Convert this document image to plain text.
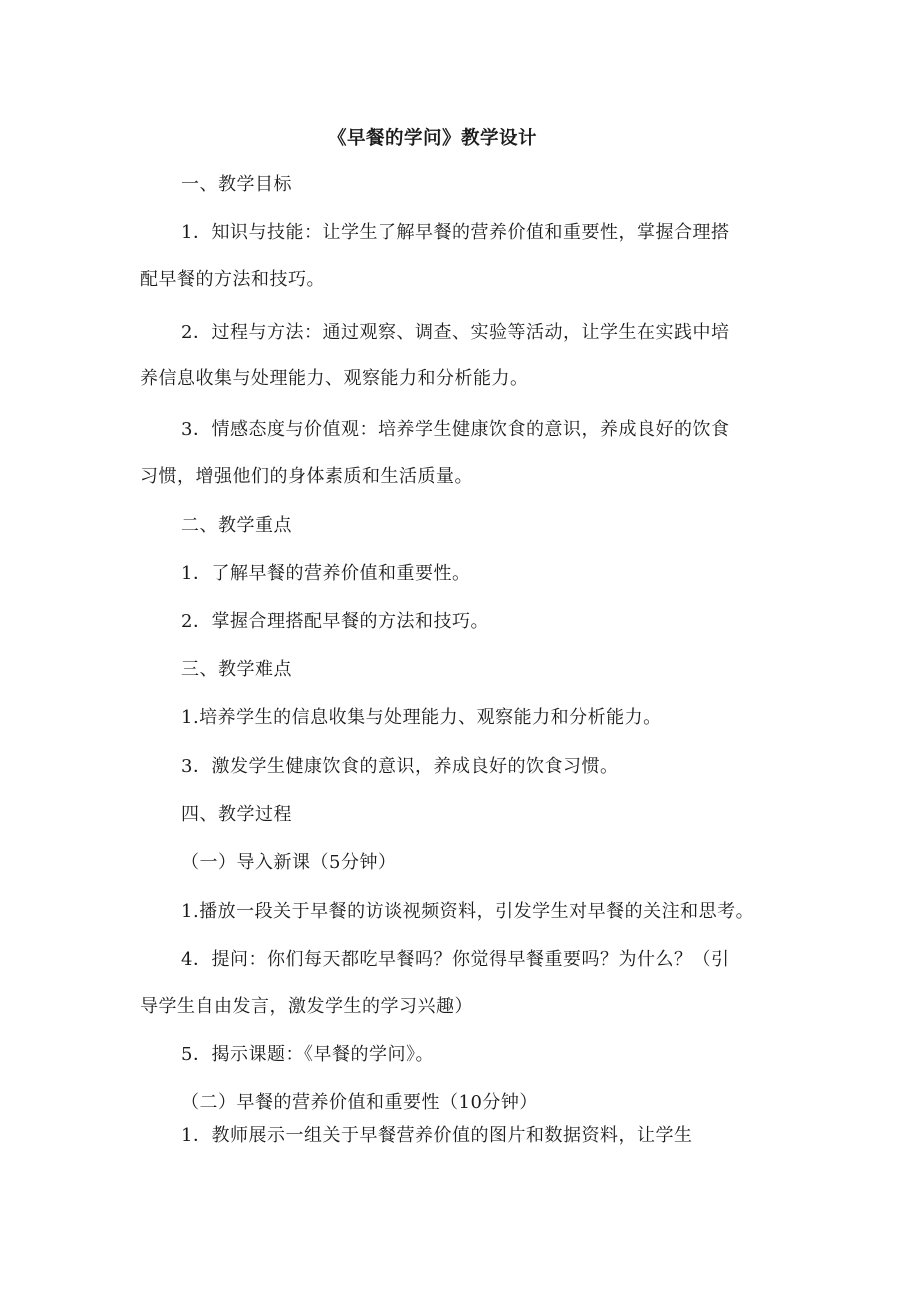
《早餐的学问》教学设计
一、教学目标
1．知识与技能：让学生了解早餐的营养价值和重要性，掌握合理搭
配早餐的方法和技巧。
2．过程与方法：通过观察、调查、实验等活动，让学生在实践中培
养信息收集与处理能力、观察能力和分析能力。
3．情感态度与价值观：培养学生健康饮食的意识，养成良好的饮食
习惯，增强他们的身体素质和生活质量。
二、教学重点
1．了解早餐的营养价值和重要性。
2．掌握合理搭配早餐的方法和技巧。
三、教学难点
1.培养学生的信息收集与处理能力、观察能力和分析能力。
3．激发学生健康饮食的意识，养成良好的饮食习惯。
四、教学过程
（一）导入新课（5分钟）
1.播放一段关于早餐的访谈视频资料，引发学生对早餐的关注和思考。
4．提问：你们每天都吃早餐吗？你觉得早餐重要吗？为什么？（引
导学生自由发言，激发学生的学习兴趣）
5．揭示课题：《早餐的学问》。
（二）早餐的营养价值和重要性（10分钟）
1．教师展示一组关于早餐营养价值的图片和数据资料，让学生
